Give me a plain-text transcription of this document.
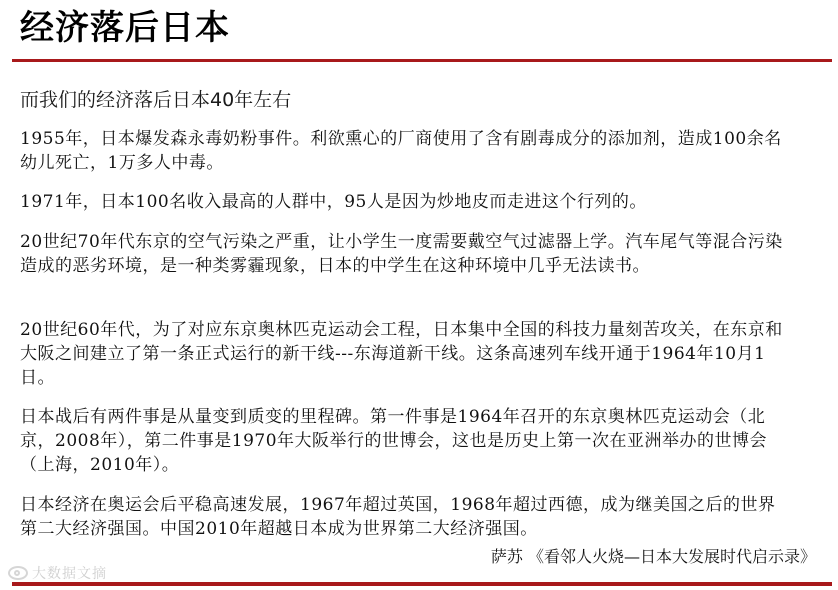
经济落后日本
而我们的经济落后日本40年左右
1955年，日本爆发森永毒奶粉事件。利欲熏心的厂商使用了含有剧毒成分的添加剂，造成100余名幼儿死亡，1万多人中毒。
1971年，日本100名收入最高的人群中，95人是因为炒地皮而走进这个行列的。
20世纪70年代东京的空气污染之严重，让小学生一度需要戴空气过滤器上学。汽车尾气等混合污染造成的恶劣环境，是一种类雾霾现象，日本的中学生在这种环境中几乎无法读书。
20世纪60年代，为了对应东京奥林匹克运动会工程，日本集中全国的科技力量刻苦攻关，在东京和大阪之间建立了第一条正式运行的新干线---东海道新干线。这条高速列车线开通于1964年10月1日。
日本战后有两件事是从量变到质变的里程碑。第一件事是1964年召开的东京奥林匹克运动会（北京，2008年），第二件事是1970年大阪举行的世博会，这也是历史上第一次在亚洲举办的世博会（上海，2010年）。
日本经济在奥运会后平稳高速发展，1967年超过英国，1968年超过西德，成为继美国之后的世界第二大经济强国。中国2010年超越日本成为世界第二大经济强国。
萨苏 《看邻人火烧—日本大发展时代启示录》
大数据文摘
